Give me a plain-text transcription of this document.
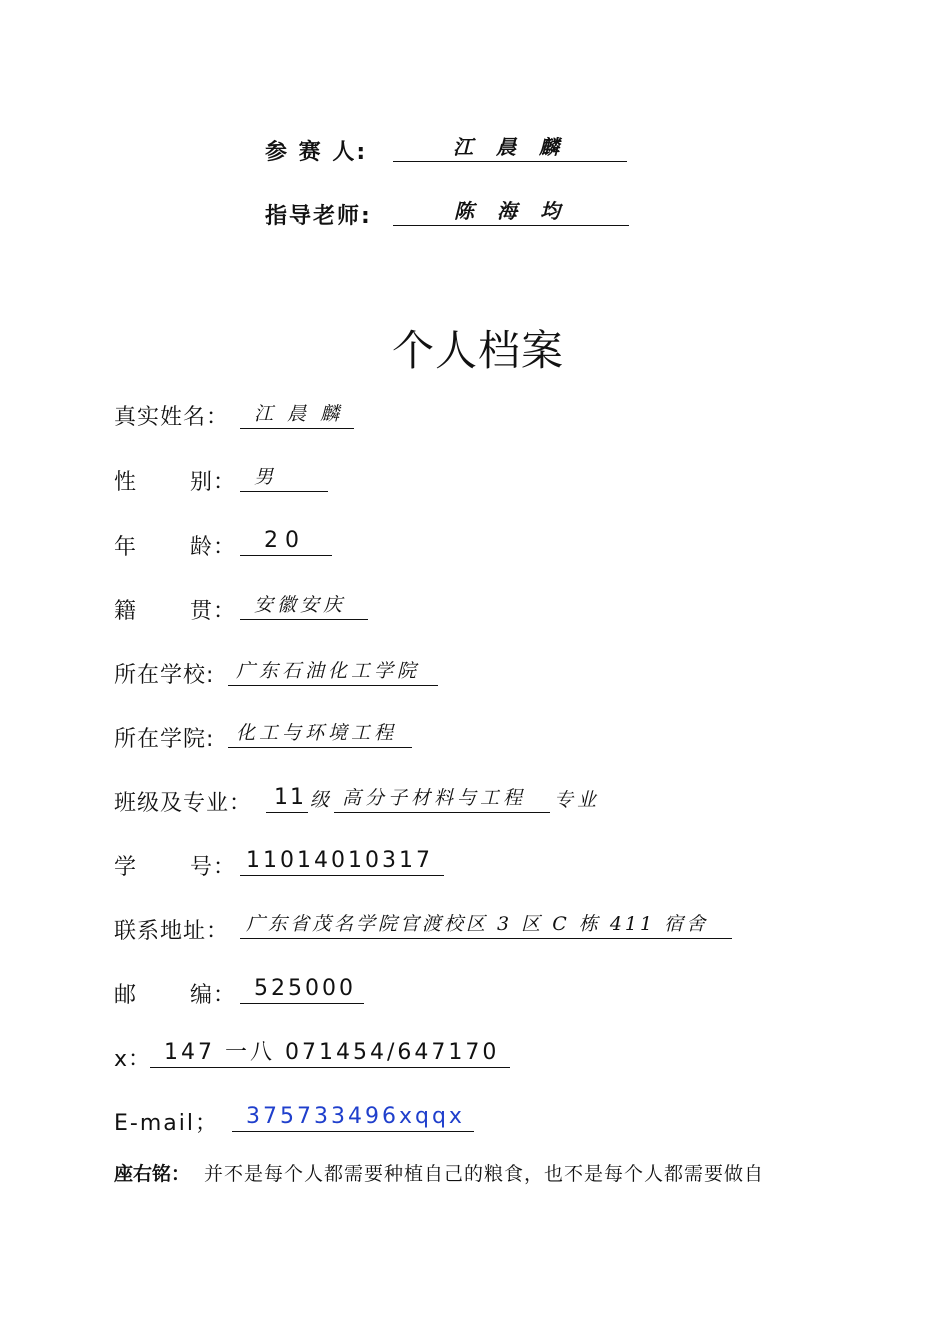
参 赛 人:	江 晨 麟
指导老师:	陈 海 均
个人档案
真实姓名：	江 晨 麟
性 别： 男
年 龄：	20
籍 贯： 安徽安庆
所在学校:	广东石油化工学院
所在学院:	化工与环境工程
班级及专业： 11 级 高分子材料与工程	专业
学 号： 11014010317
联系地址： 广东省茂名学院官渡校区 3 区 C 栋 411 宿舍
邮 编： 525000
x： 147 一八 071454/647170
E-mail；	375733496xqqx
座右铭： 并不是每个人都需要种植自己的粮食，也不是每个人都需要做自
